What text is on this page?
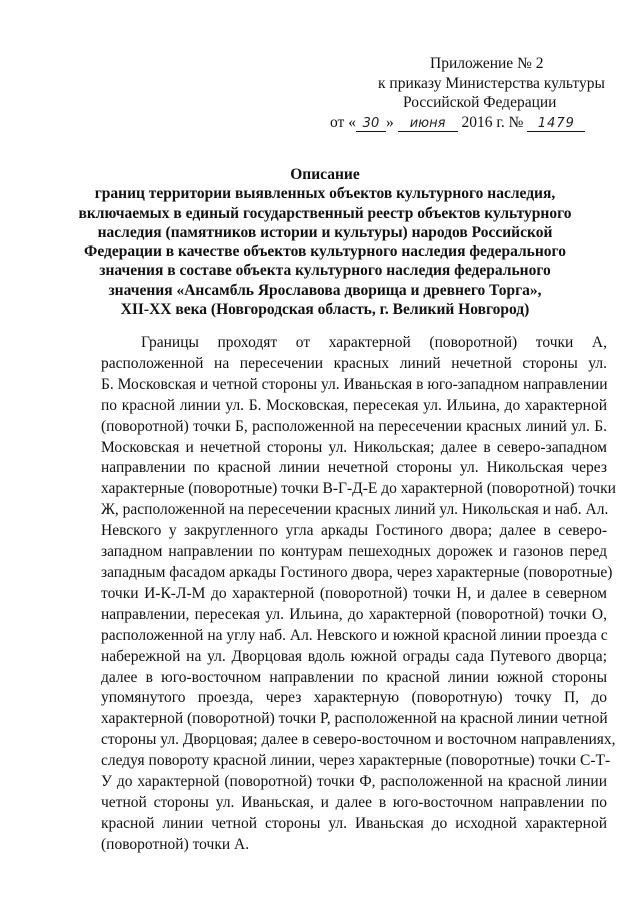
Приложение № 2
к приказу Министерства культуры
Российской Федерации
от « 30 » июня 2016 г. № 1479
Описание
границ территории выявленных объектов культурного наследия,
включаемых в единый государственный реестр объектов культурного
наследия (памятников истории и культуры) народов Российской
Федерации в качестве объектов культурного наследия федерального
значения в составе объекта культурного наследия федерального
значения «Ансамбль Ярославова дворища и древнего Торга»,
XII-XX века (Новгородская область, г. Великий Новгород)
Границы проходят от характерной (поворотной) точки А,
расположенной на пересечении красных линий нечетной стороны ул.
Б. Московская и четной стороны ул. Иваньская в юго-западном направлении
по красной линии ул. Б. Московская, пересекая ул. Ильина, до характерной
(поворотной) точки Б, расположенной на пересечении красных линий ул. Б.
Московская и нечетной стороны ул. Никольская; далее в северо-западном
направлении по красной линии нечетной стороны ул. Никольская через
характерные (поворотные) точки В-Г-Д-Е до характерной (поворотной) точки
Ж, расположенной на пересечении красных линий ул. Никольская и наб. Ал.
Невского у закругленного угла аркады Гостиного двора; далее в северо-
западном направлении по контурам пешеходных дорожек и газонов перед
западным фасадом аркады Гостиного двора, через характерные (поворотные)
точки И-К-Л-М до характерной (поворотной) точки Н, и далее в северном
направлении, пересекая ул. Ильина, до характерной (поворотной) точки О,
расположенной на углу наб. Ал. Невского и южной красной линии проезда с
набережной на ул. Дворцовая вдоль южной ограды сада Путевого дворца;
далее в юго-восточном направлении по красной линии южной стороны
упомянутого проезда, через характерную (поворотную) точку П, до
характерной (поворотной) точки Р, расположенной на красной линии четной
стороны ул. Дворцовая; далее в северо-восточном и восточном направлениях,
следуя повороту красной линии, через характерные (поворотные) точки С-Т-
У до характерной (поворотной) точки Ф, расположенной на красной линии
четной стороны ул. Иваньская, и далее в юго-восточном направлении по
красной линии четной стороны ул. Иваньская до исходной характерной
(поворотной) точки А.
